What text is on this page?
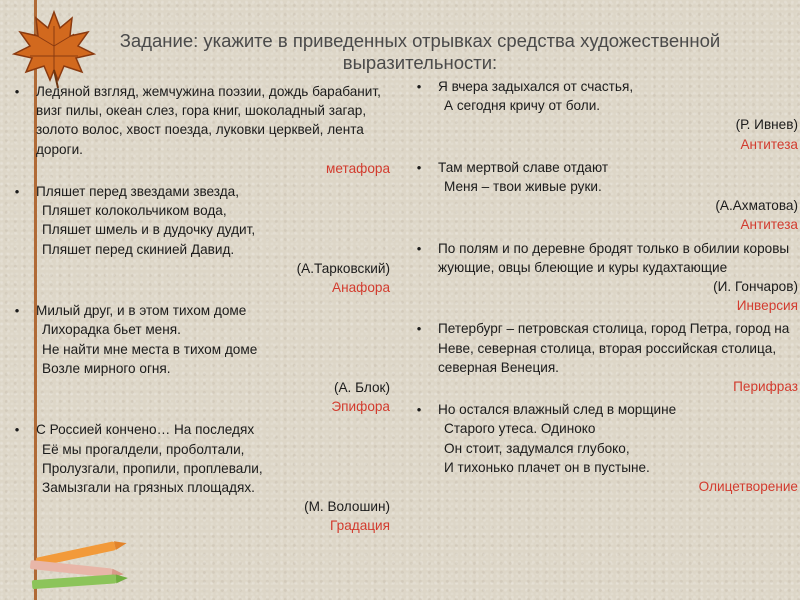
Задание: укажите в приведенных отрывках средства художественной выразительности:
•	Ледяной взгляд, жемчужина поэзии, дождь барабанит, визг пилы, океан слез, гора книг, шоколадный загар, золото волос, хвост поезда, луковки церквей, лента дороги.
метафора
•	Пляшет перед звездами звезда,
Пляшет колокольчиком вода,
Пляшет шмель и в дудочку дудит,
Пляшет перед скинией Давид.
(А.Тарковский)
Анафора
•	Милый друг, и в этом тихом доме
Лихорадка бьет меня.
Не найти мне места в тихом доме
Возле мирного огня.
(А. Блок)
Эпифора
•	С Россией кончено… На последях
Её мы прогалдели, проболтали,
Пролузгали, пропили, проплевали,
Замызгали на грязных площадях.
(М. Волошин)
Градация
•	Я вчера задыхался от счастья,
А сегодня кричу от боли.
(Р. Ивнев)
Антитеза
•	Там мертвой славе отдают
Меня – твои живые руки.
(А.Ахматова)
Антитеза
•	По полям и по деревне бродят только в обилии коровы жующие, овцы блеющие и куры кудахтающие
(И. Гончаров)
Инверсия
•	Петербург – петровская столица, город Петра, город на Неве, северная столица, вторая российская столица, северная Венеция.
Перифраз
•	Но остался влажный след в морщине
Старого утеса. Одиноко
Он стоит, задумался глубоко,
И тихонько плачет он в пустыне.
Олицетворение
